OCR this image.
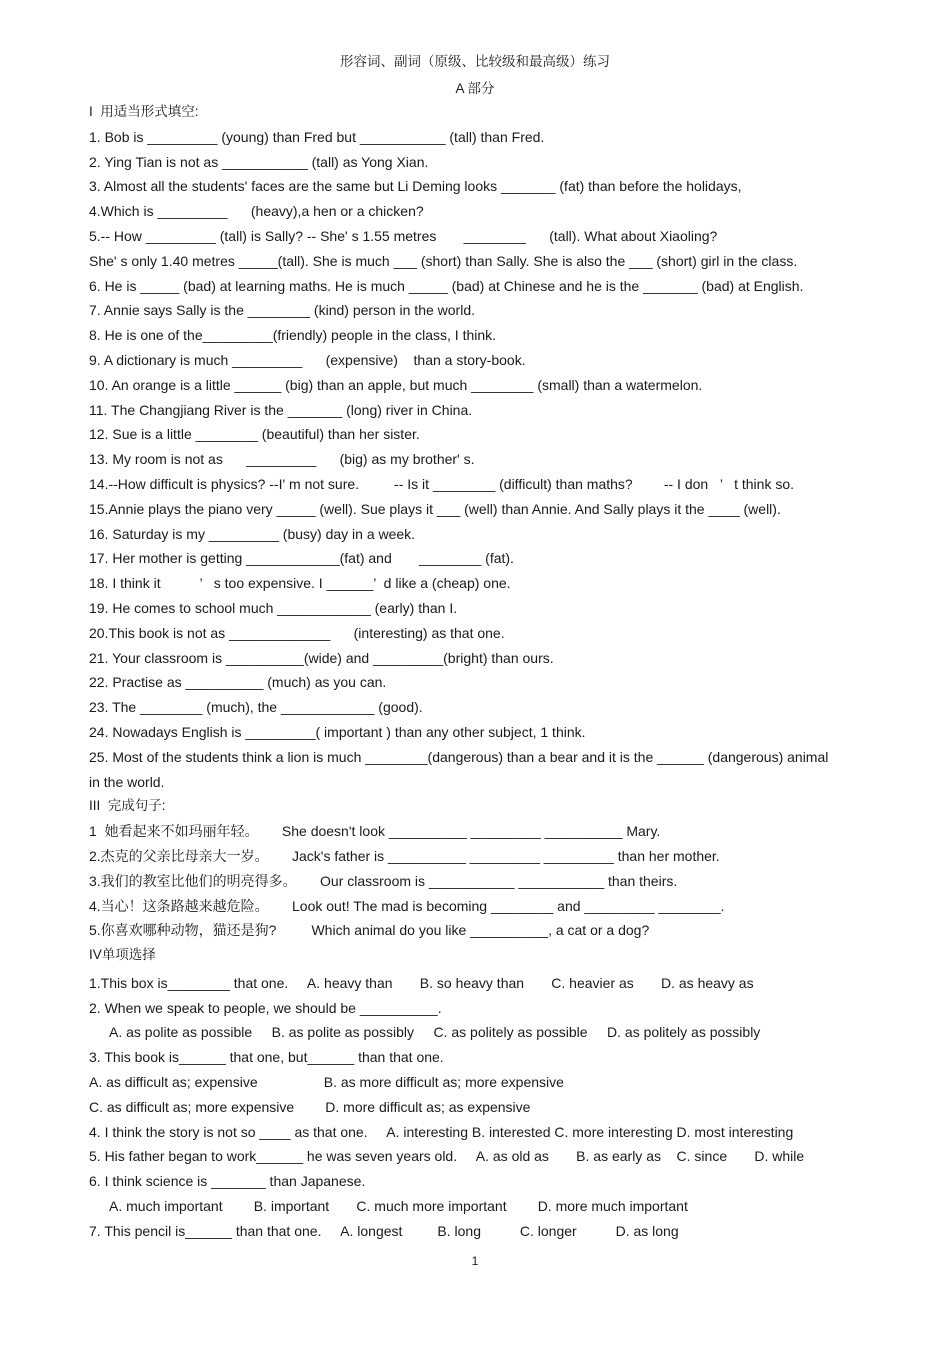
形容词、副词（原级、比较级和最高级）练习
A 部分
I  用适当形式填空:
1. Bob is _________ (young) than Fred but ___________ (tall) than Fred.
2. Ying Tian is not as ___________ (tall) as Yong Xian.
3. Almost all the students' faces are the same but Li Deming looks _______ (fat) than before the holidays,
4.Which is _________      (heavy),a hen or a chicken?
5.-- How _________ (tall) is Sally? -- She' s 1.55 metres       ________      (tall). What about Xiaoling?
She' s only 1.40 metres _____(tall). She is much ___ (short) than Sally. She is also the ___ (short) girl in the class.
6. He is _____ (bad) at learning maths. He is much _____ (bad) at Chinese and he is the _______ (bad) at English.
7. Annie says Sally is the ________ (kind) person in the world.
8. He is one of the_________(friendly) people in the class, I think.
9. A dictionary is much _________      (expensive)    than a story-book.
10. An orange is a little ______ (big) than an apple, but much ________ (small) than a watermelon.
11. The Changjiang River is the _______ (long) river in China.
12. Sue is a little ________ (beautiful) than her sister.
13. My room is not as      _________      (big) as my brother' s.
14.--How difficult is physics? --I' m not sure.         -- Is it ________ (difficult) than maths?        -- I don   ’   t think so.
15.Annie plays the piano very _____ (well). Sue plays it ___ (well) than Annie. And Sally plays it the ____ (well).
16. Saturday is my _________ (busy) day in a week.
17. Her mother is getting ____________(fat) and       ________ (fat).
18. I think it          ’   s too expensive. I ______’  d like a (cheap) one.
19. He comes to school much ____________ (early) than I.
20.This book is not as _____________      (interesting) as that one.
21. Your classroom is __________(wide) and _________(bright) than ours.
22. Practise as __________ (much) as you can.
23. The ________ (much), the ____________ (good).
24. Nowadays English is _________( important ) than any other subject, 1 think.
25. Most of the students think a lion is much ________(dangerous) than a bear and it is the ______ (dangerous) animal
in the world.
III  完成句子:
1  她看起来不如玛丽年轻。      She doesn't look __________ _________ __________ Mary.
2.杰克的父亲比母亲大一岁。      Jack's father is __________ _________ _________ than her mother.
3.我们的教室比他们的明亮得多。      Our classroom is ___________ ___________ than theirs.
4.当心！这条路越来越危险。      Look out! The mad is becoming ________ and _________ ________.
5.你喜欢哪种动物，猫还是狗?         Which animal do you like __________, a cat or a dog?
IV单项选择
1.This box is________ that one.     A. heavy than       B. so heavy than       C. heavier as       D. as heavy as
2. When we speak to people, we should be __________.
A. as polite as possible     B. as polite as possibly     C. as politely as possible     D. as politely as possibly
3. This book is______ that one, but______ than that one.
A. as difficult as; expensive                 B. as more difficult as; more expensive
C. as difficult as; more expensive        D. more difficult as; as expensive
4. I think the story is not so ____ as that one.     A. interesting B. interested C. more interesting D. most interesting
5. His father began to work______ he was seven years old.     A. as old as       B. as early as    C. since       D. while
6. I think science is _______ than Japanese.
A. much important        B. important       C. much more important        D. more much important
7. This pencil is______ than that one.     A. longest         B. long          C. longer          D. as long
1
